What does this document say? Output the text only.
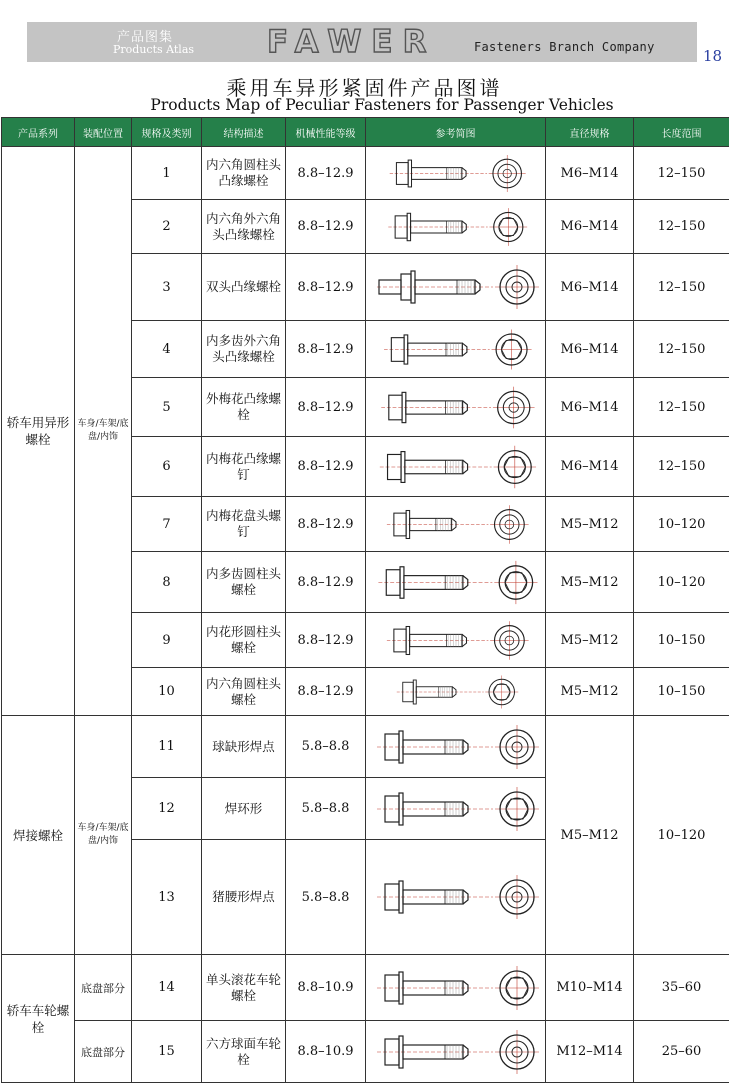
产品图集
Products Atlas FAWER	Fasteners Branch Company	18
乘用车异形紧固件产品图谱
Products Map of Peculiar Fasteners for Passenger Vehicles
产品系列	装配位置	规格及类别	结构描述	机械性能等级	参考简图	直径规格	长度范围
轿车用异形螺栓	车身/车架/底盘/内饰	1	内六角圆柱头凸缘螺栓	8.8–12.9		M6–M14	12–150
		2	内六角外六角头凸缘螺栓	8.8–12.9		M6–M14	12–150
		3	双头凸缘螺栓	8.8–12.9		M6–M14	12–150
		4	内多齿外六角头凸缘螺栓	8.8–12.9		M6–M14	12–150
		5	外梅花凸缘螺栓	8.8–12.9		M6–M14	12–150
		6	内梅花凸缘螺钉	8.8–12.9		M6–M14	12–150
		7	内梅花盘头螺钉	8.8–12.9		M5–M12	10–120
		8	内多齿圆柱头螺栓	8.8–12.9		M5–M12	10–120
		9	内花形圆柱头螺栓	8.8–12.9		M5–M12	10–150
		10	内六角圆柱头螺栓	8.8–12.9		M5–M12	10–150
焊接螺栓	车身/车架/底盘/内饰	11	球缺形焊点	5.8–8.8		M5–M12	10–120
		12	焊环形	5.8–8.8	

		13	猪腰形焊点	5.8–8.8	

轿车车轮螺栓	底盘部分	14	单头滚花车轮螺栓	8.8–10.9		M10–M14	35–60
	底盘部分	15	六方球面车轮栓	8.8–10.9		M12–M14	25–60
